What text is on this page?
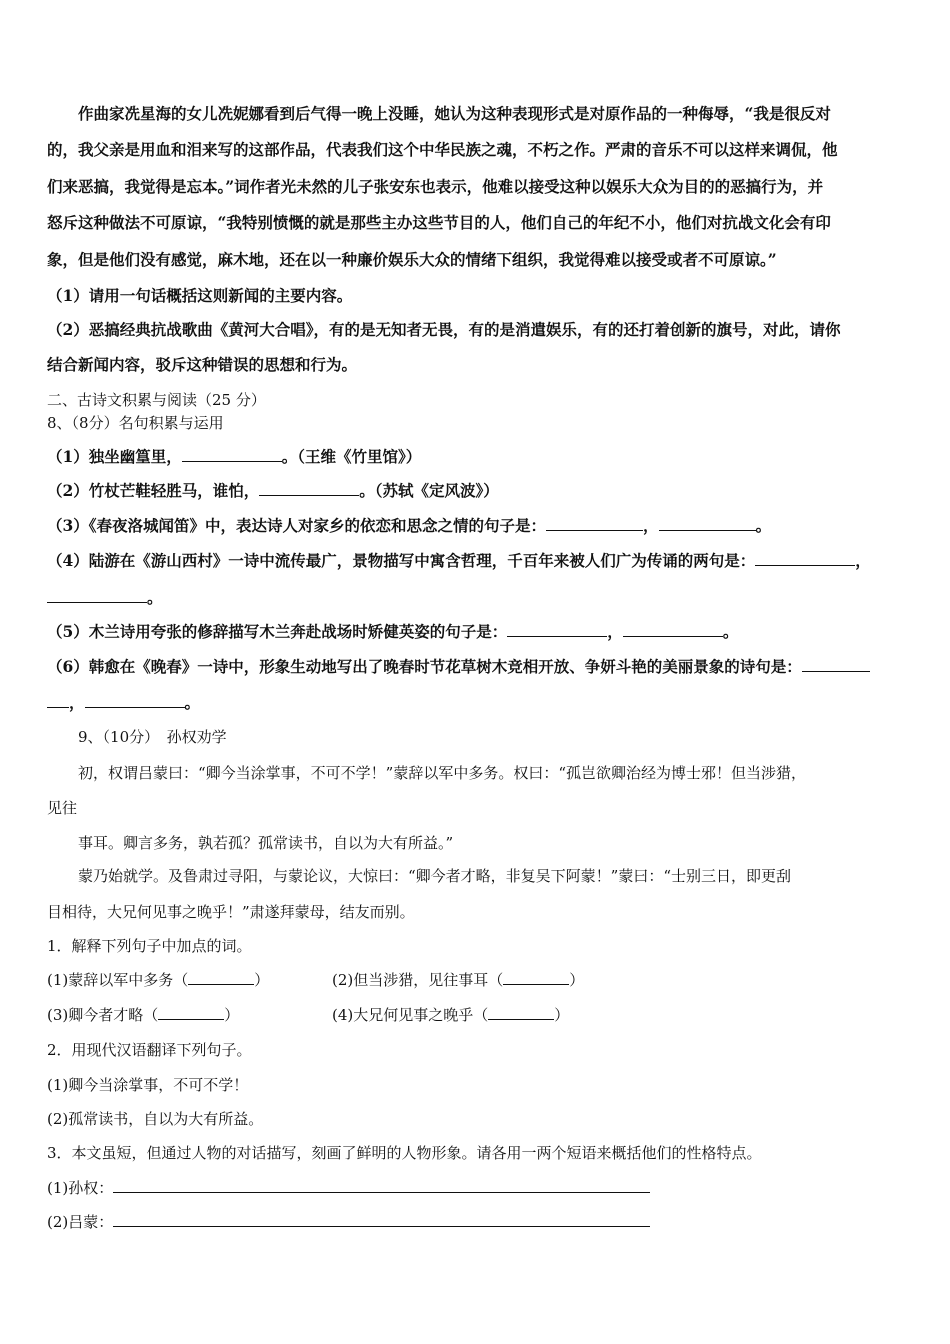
作曲家冼星海的女儿冼妮娜看到后气得一晚上没睡，她认为这种表现形式是对原作品的一种侮辱，“我是很反对
的，我父亲是用血和泪来写的这部作品，代表我们这个中华民族之魂，不朽之作。严肃的音乐不可以这样来调侃，他
们来恶搞，我觉得是忘本。”词作者光未然的儿子张安东也表示，他难以接受这种以娱乐大众为目的的恶搞行为，并
怒斥这种做法不可原谅，“我特别愤慨的就是那些主办这些节目的人，他们自己的年纪不小，他们对抗战文化会有印
象，但是他们没有感觉，麻木地，还在以一种廉价娱乐大众的情绪下组织，我觉得难以接受或者不可原谅。”
（1）请用一句话概括这则新闻的主要内容。
（2）恶搞经典抗战歌曲《黄河大合唱》，有的是无知者无畏，有的是消遣娱乐，有的还打着创新的旗号，对此，请你
结合新闻内容，驳斥这种错误的思想和行为。
二、古诗文积累与阅读（25 分）
8、（8分）名句积累与运用
（1）独坐幽篁里，	。（王维《竹里馆》）
（2）竹杖芒鞋轻胜马，谁怕，	。（苏轼《定风波》）
（3）《春夜洛城闻笛》中，表达诗人对家乡的依恋和思念之情的句子是：	，	。
（4）陆游在《游山西村》一诗中流传最广，景物描写中寓含哲理，千百年来被人们广为传诵的两句是：	，
。
（5）木兰诗用夸张的修辞描写木兰奔赴战场时矫健英姿的句子是：	，	。
（6）韩愈在《晚春》一诗中，形象生动地写出了晚春时节花草树木竞相开放、争妍斗艳的美丽景象的诗句是：
，	。
9、（10分）　孙权劝学
初，权谓吕蒙曰：“卿今当涂掌事，不可不学！”蒙辞以军中多务。权曰：“孤岂欲卿治经为博士邪！但当涉猎，
见往
事耳。卿言多务，孰若孤？孤常读书，自以为大有所益。”
蒙乃始就学。及鲁肃过寻阳，与蒙论议，大惊曰：“卿今者才略，非复吴下阿蒙！”蒙曰：“士别三日，即更刮
目相待，大兄何见事之晚乎！”肃遂拜蒙母，结友而别。
1．解释下列句子中加点的词。
(1)蒙辞以军中多务（	）	(2)但当涉猎，见往事耳（	）
(3)卿今者才略（	）	(4)大兄何见事之晚乎（	）
2．用现代汉语翻译下列句子。
(1)卿今当涂掌事，不可不学！
(2)孤常读书，自以为大有所益。
3．本文虽短，但通过人物的对话描写，刻画了鲜明的人物形象。请各用一两个短语来概括他们的性格特点。
(1)孙权：
(2)吕蒙：
